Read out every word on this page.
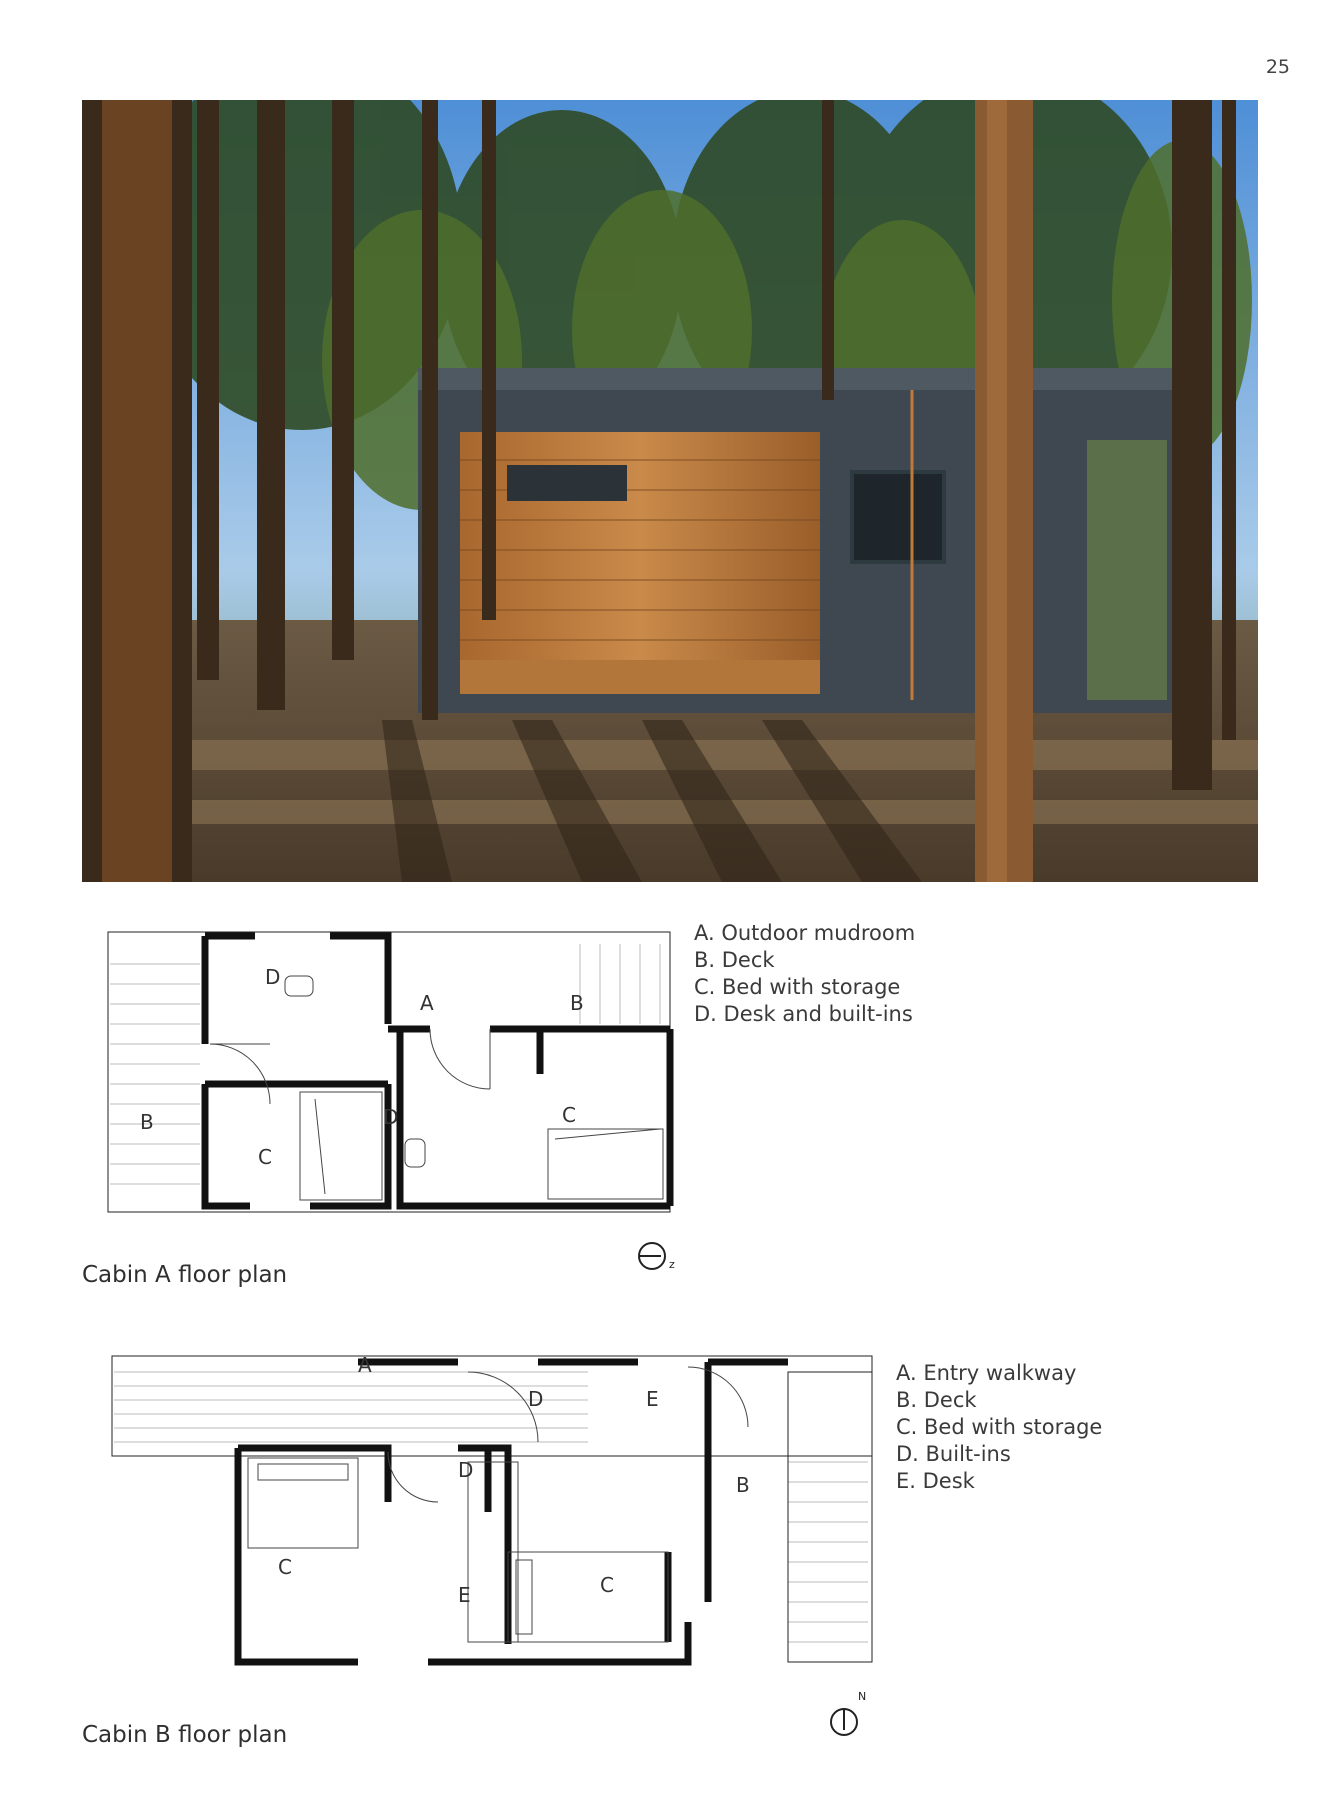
25
D
A	B
B	D	C
C
A. Outdoor mudroom
B. Deck
C. Bed with storage
D. Desk and built-ins
z
Cabin A floor plan
A
D	E
D
B
C
C
E
A. Entry walkway
B. Deck
C. Bed with storage
D. Built-ins
E. Desk
N
Cabin B floor plan
